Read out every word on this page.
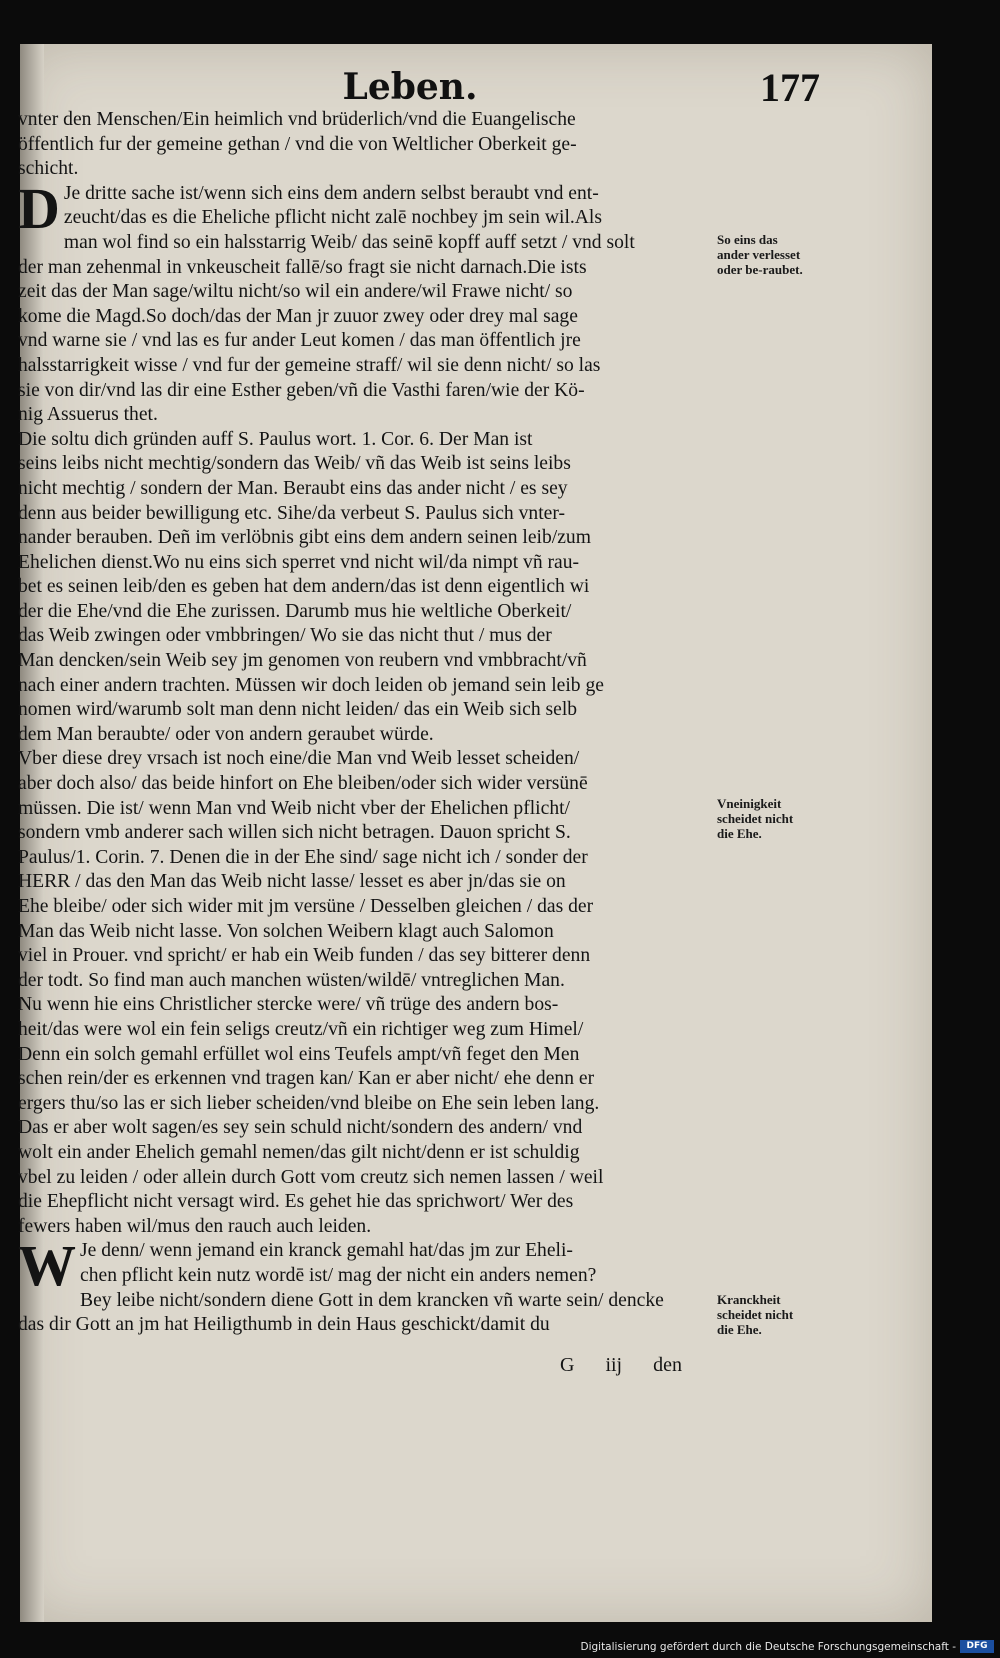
Leben.	177
vnter den Menschen/Ein heimlich vnd brüderlich/vnd die Euangelische
öffentlich fur der gemeine gethan / vnd die von Weltlicher Oberkeit ge-
schicht.
D Je dritte sache ist/wenn sich eins dem andern selbst beraubt vnd ent-
zeucht/das es die Eheliche pflicht nicht zalē nochbey jm sein wil.Als
man wol find so ein halsstarrig Weib/ das seinē kopff auff setzt / vnd solt
der man zehenmal in vnkeuscheit fallē/so fragt sie nicht darnach.Die ists
zeit das der Man sage/wiltu nicht/so wil ein andere/wil Frawe nicht/ so
kome die Magd.So doch/das der Man jr zuuor zwey oder drey mal sage
vnd warne sie / vnd las es fur ander Leut komen / das man öffentlich jre
halsstarrigkeit wisse / vnd fur der gemeine straff/ wil sie denn nicht/ so las
sie von dir/vnd las dir eine Esther geben/vñ die Vasthi faren/wie der Kö-
nig Assuerus thet.
Die soltu dich gründen auff S. Paulus wort. 1. Cor. 6. Der Man ist
seins leibs nicht mechtig/sondern das Weib/ vñ das Weib ist seins leibs
nicht mechtig / sondern der Man. Beraubt eins das ander nicht / es sey
denn aus beider bewilligung etc. Sihe/da verbeut S. Paulus sich vnter-
nander berauben. Deñ im verlöbnis gibt eins dem andern seinen leib/zum
Ehelichen dienst.Wo nu eins sich sperret vnd nicht wil/da nimpt vñ rau-
bet es seinen leib/den es geben hat dem andern/das ist denn eigentlich wi
der die Ehe/vnd die Ehe zurissen. Darumb mus hie weltliche Oberkeit/
das Weib zwingen oder vmbbringen/ Wo sie das nicht thut / mus der
Man dencken/sein Weib sey jm genomen von reubern vnd vmbbracht/vñ
nach einer andern trachten. Müssen wir doch leiden ob jemand sein leib ge
nomen wird/warumb solt man denn nicht leiden/ das ein Weib sich selb
dem Man beraubte/ oder von andern geraubet würde.
Vber diese drey vrsach ist noch eine/die Man vnd Weib lesset scheiden/
aber doch also/ das beide hinfort on Ehe bleiben/oder sich wider versünē
müssen. Die ist/ wenn Man vnd Weib nicht vber der Ehelichen pflicht/
sondern vmb anderer sach willen sich nicht betragen. Dauon spricht S.
Paulus/1. Corin. 7. Denen die in der Ehe sind/ sage nicht ich / sonder der
HERR / das den Man das Weib nicht lasse/ lesset es aber jn/das sie on
Ehe bleibe/ oder sich wider mit jm versüne / Desselben gleichen / das der
Man das Weib nicht lasse. Von solchen Weibern klagt auch Salomon
viel in Prouer. vnd spricht/ er hab ein Weib funden / das sey bitterer denn
der todt. So find man auch manchen wüsten/wildē/ vntreglichen Man.
Nu wenn hie eins Christlicher stercke were/ vñ trüge des andern bos-
heit/das were wol ein fein seligs creutz/vñ ein richtiger weg zum Himel/
Denn ein solch gemahl erfüllet wol eins Teufels ampt/vñ feget den Men
schen rein/der es erkennen vnd tragen kan/ Kan er aber nicht/ ehe denn er
ergers thu/so las er sich lieber scheiden/vnd bleibe on Ehe sein leben lang.
Das er aber wolt sagen/es sey sein schuld nicht/sondern des andern/ vnd
wolt ein ander Ehelich gemahl nemen/das gilt nicht/denn er ist schuldig
vbel zu leiden / oder allein durch Gott vom creutz sich nemen lassen / weil
die Ehepflicht nicht versagt wird. Es gehet hie das sprichwort/ Wer des
fewers haben wil/mus den rauch auch leiden.
W Je denn/ wenn jemand ein kranck gemahl hat/das jm zur Eheli-
chen pflicht kein nutz wordē ist/ mag der nicht ein anders nemen?
Bey leibe nicht/sondern diene Gott in dem krancken vñ warte sein/ dencke
das dir Gott an jm hat Heiligthumb in dein Haus geschickt/damit du
So eins das ander verlesset oder be-raubet.
Vneinigkeit scheidet nicht die Ehe.
Kranckheit scheidet nicht die Ehe.
G iij den
Digitalisierung gefördert durch die Deutsche Forschungsgemeinschaft -	DFG
